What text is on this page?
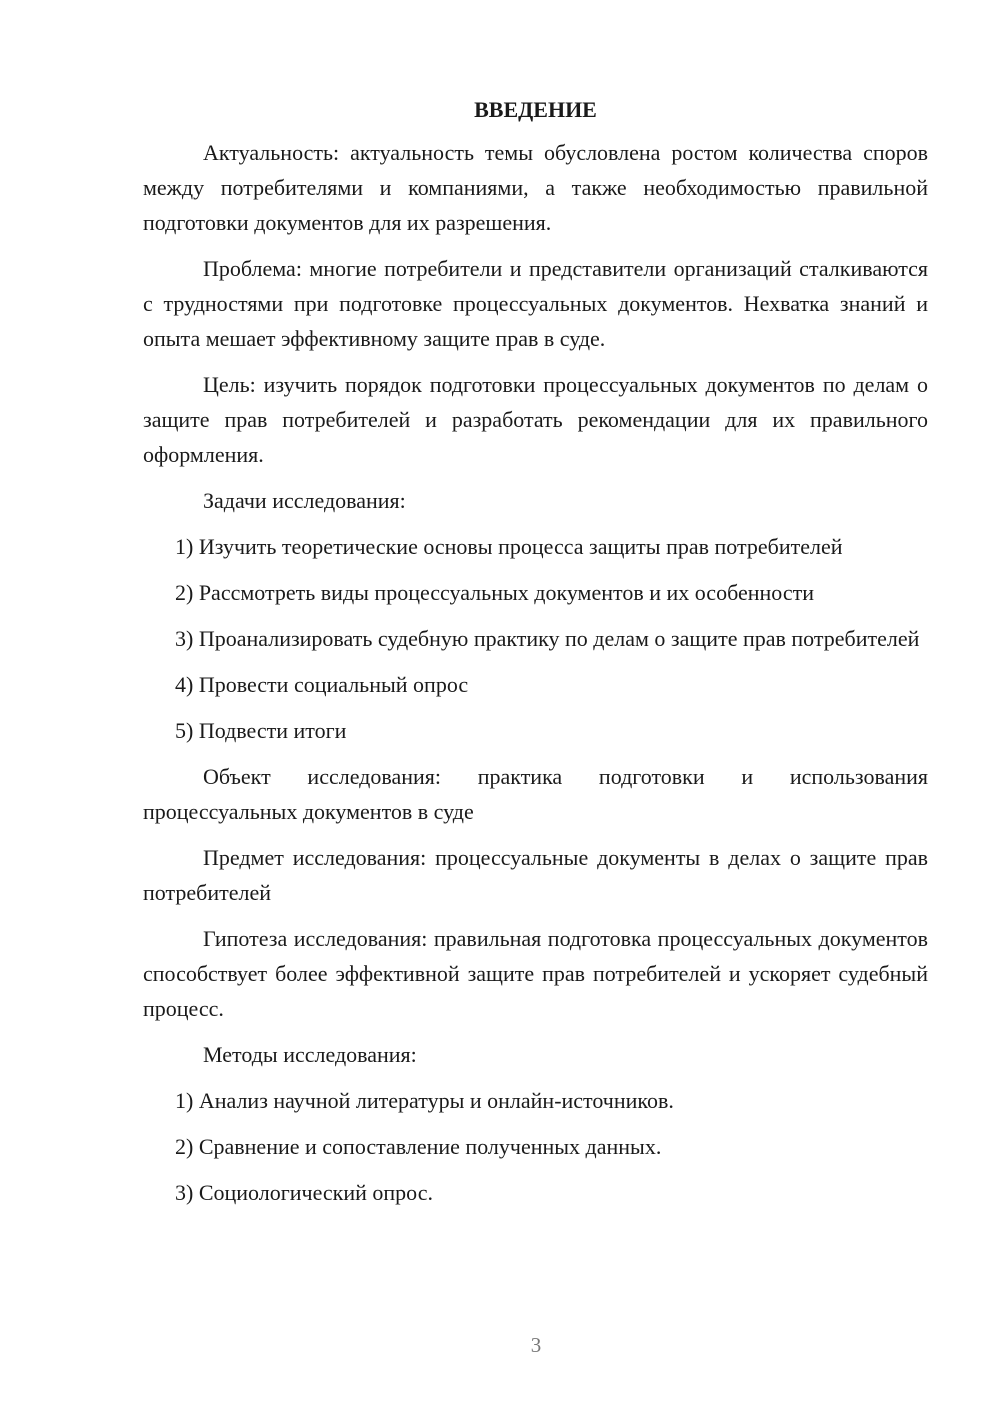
ВВЕДЕНИЕ

Актуальность: актуальность темы обусловлена ростом количества споров между потребителями и компаниями, а также необходимостью правильной подготовки документов для их разрешения.

Проблема: многие потребители и представители организаций сталкиваются с трудностями при подготовке процессуальных документов. Нехватка знаний и опыта мешает эффективному защите прав в суде.

Цель: изучить порядок подготовки процессуальных документов по делам о защите прав потребителей и разработать рекомендации для их правильного оформления.

Задачи исследования:

1) Изучить теоретические основы процесса защиты прав потребителей

2) Рассмотреть виды процессуальных документов и их особенности

3) Проанализировать судебную практику по делам о защите прав потребителей

4) Провести социальный опрос

5) Подвести итоги

Объект исследования: практика подготовки и использования процессуальных документов в суде

Предмет исследования: процессуальные документы в делах о защите прав потребителей

Гипотеза исследования: правильная подготовка процессуальных документов способствует более эффективной защите прав потребителей и ускоряет судебный процесс.

Методы исследования:

1) Анализ научной литературы и онлайн-источников.

2) Сравнение и сопоставление полученных данных.

3) Социологический опрос.

3
